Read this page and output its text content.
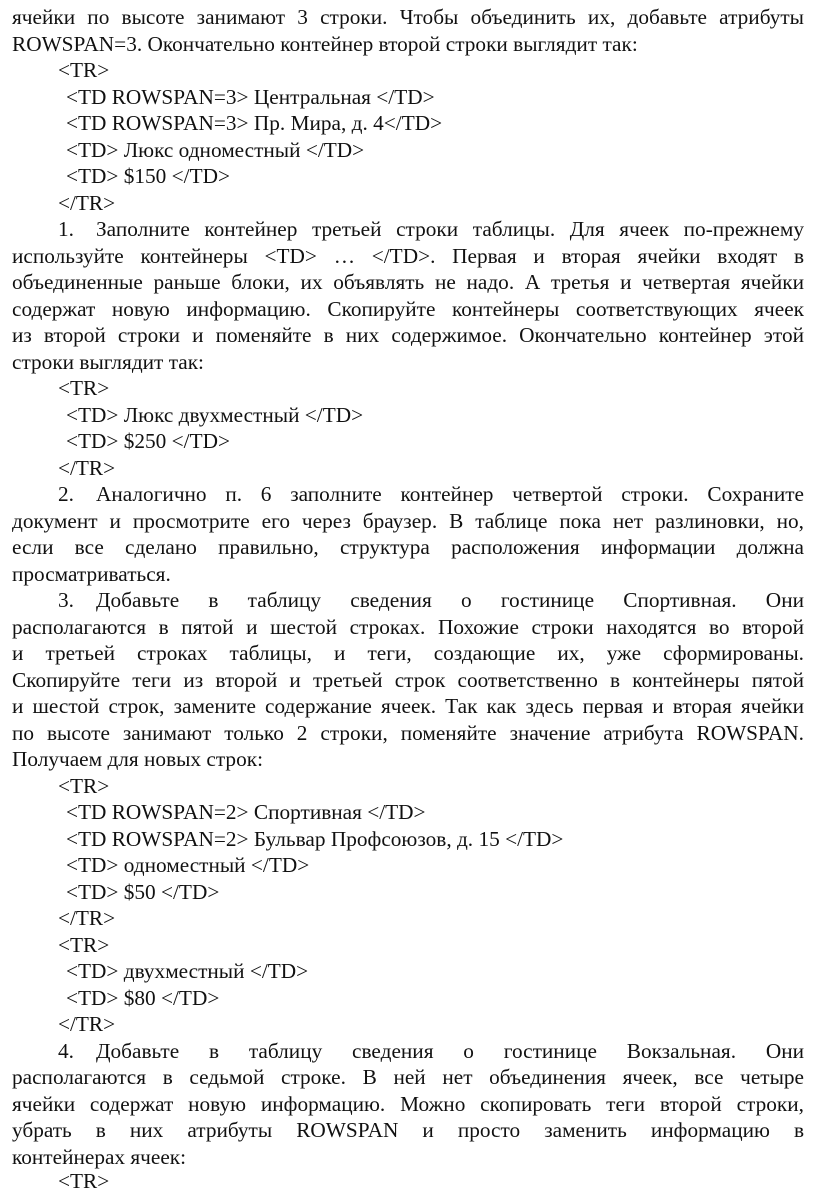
ячейки по высоте занимают 3 строки. Чтобы объединить их, добавьте атрибуты
ROWSPAN=3. Окончательно контейнер второй строки выглядит так:
<TR>
<TD ROWSPAN=3> Центральная </TD>
<TD ROWSPAN=3> Пр. Мира, д. 4</TD>
<TD> Люкс одноместный </TD>
<TD> $150 </TD>
</TR>
1. Заполните контейнер третьей строки таблицы. Для ячеек по-прежнему
используйте контейнеры <TD> … </TD>. Первая и вторая ячейки входят в
объединенные раньше блоки, их объявлять не надо. А третья и четвертая ячейки
содержат новую информацию. Скопируйте контейнеры соответствующих ячеек
из второй строки и поменяйте в них содержимое. Окончательно контейнер этой
строки выглядит так:
<TR>
<TD> Люкс двухместный </TD>
<TD> $250 </TD>
</TR>
2. Аналогично п. 6 заполните контейнер четвертой строки. Сохраните
документ и просмотрите его через браузер. В таблице пока нет разлиновки, но,
если все сделано правильно, структура расположения информации должна
просматриваться.
3. Добавьте в таблицу сведения о гостинице Спортивная. Они
располагаются в пятой и шестой строках. Похожие строки находятся во второй
и третьей строках таблицы, и теги, создающие их, уже сформированы.
Скопируйте теги из второй и третьей строк соответственно в контейнеры пятой
и шестой строк, замените содержание ячеек. Так как здесь первая и вторая ячейки
по высоте занимают только 2 строки, поменяйте значение атрибута ROWSPAN.
Получаем для новых строк:
<TR>
<TD ROWSPAN=2> Спортивная </TD>
<TD ROWSPAN=2> Бульвар Профсоюзов, д. 15 </TD>
<TD> одноместный </TD>
<TD> $50 </TD>
</TR>
<TR>
<TD> двухместный </TD>
<TD> $80 </TD>
</TR>
4. Добавьте в таблицу сведения о гостинице Вокзальная. Они
располагаются в седьмой строке. В ней нет объединения ячеек, все четыре
ячейки содержат новую информацию. Можно скопировать теги второй строки,
убрать в них атрибуты ROWSPAN и просто заменить информацию в
контейнерах ячеек:
<TR>
